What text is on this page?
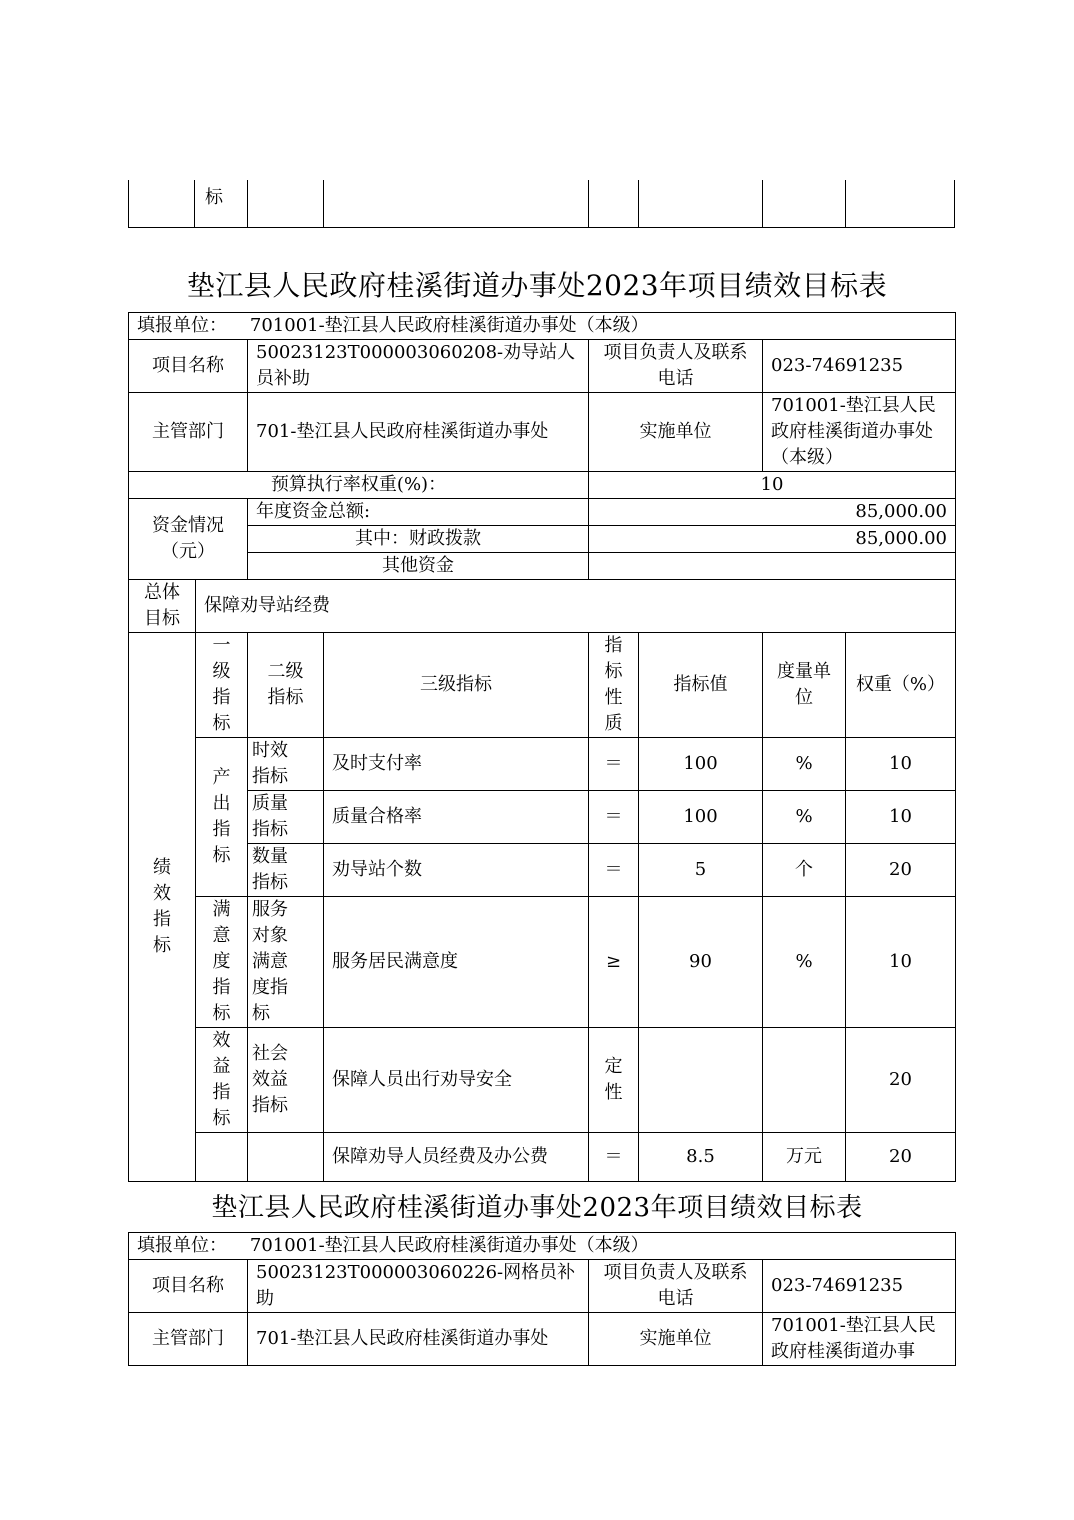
标
垫江县人民政府桂溪街道办事处2023年项目绩效目标表
填报单位： 701001-垫江县人民政府桂溪街道办事处（本级）							
项目名称		50023123T000003060208-劝导站人员补助		项目负责人及联系电话		023-74691235	
主管部门		701-垫江县人民政府桂溪街道办事处		实施单位		701001-垫江县人民政府桂溪街道办事处（本级）	
预算执行率权重(%)：				10			
资金情况（元）		年度资金总额:		85,000.00			
		其中：财政拨款		85,000.00			
		其他资金					

总体目标	保障劝导站经费						

绩效指标	一级指标	二级指标	三级指标	指标性质	指标值	度量单位	权重（%）

	产出指标	时效指标	及时支付率	＝	100	%	10

		质量指标	质量合格率	＝	100	%	10

		数量指标	劝导站个数	＝	5	个	20

	满意度指标	服务对象满意度指标	服务居民满意度	≥	90	%	10

	效益指标	社会效益指标	保障人员出行劝导安全	定性			20
			保障劝导人员经费及办公费	＝	8.5	万元	20
垫江县人民政府桂溪街道办事处2023年项目绩效目标表
填报单位： 701001-垫江县人民政府桂溪街道办事处（本级）			
项目名称	50023123T000003060226-网格员补助	项目负责人及联系电话	023-74691235
主管部门	701-垫江县人民政府桂溪街道办事处	实施单位	701001-垫江县人民政府桂溪街道办事
